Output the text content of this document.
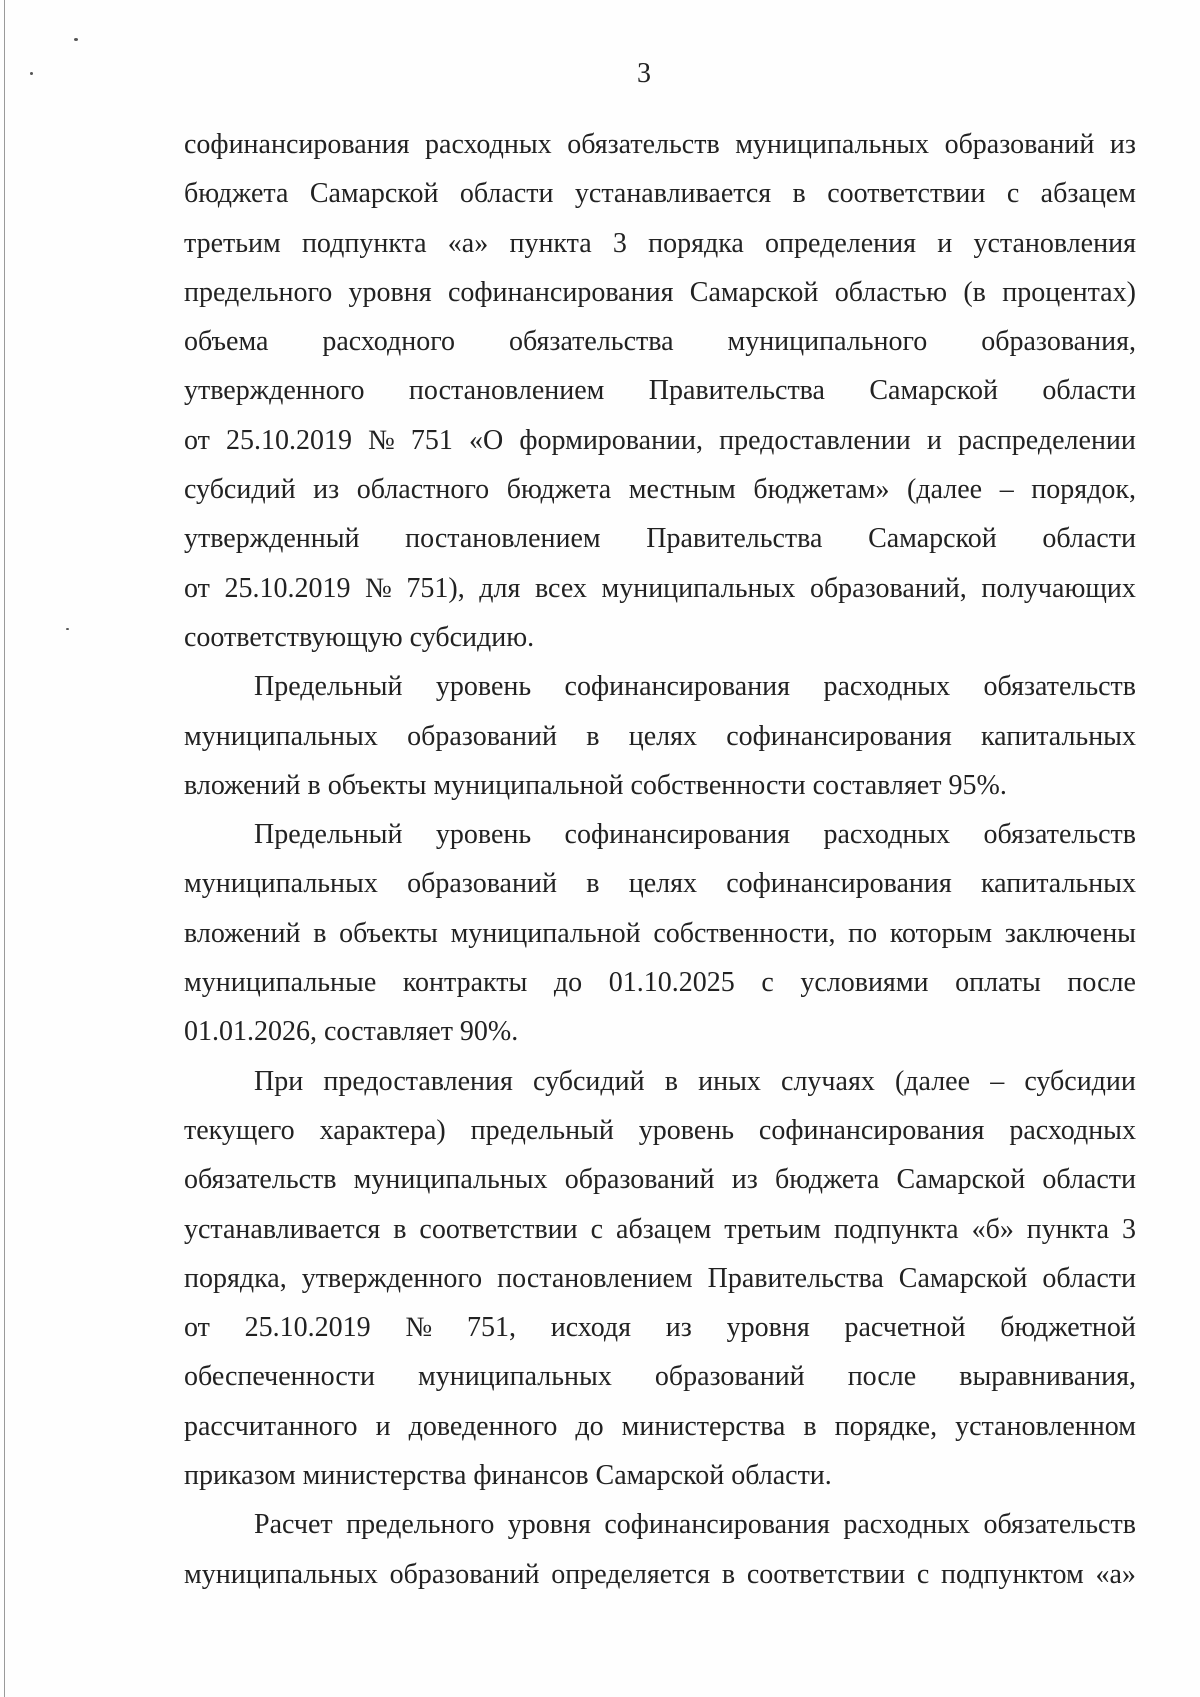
3
софинансирования расходных обязательств муниципальных образований из
бюджета Самарской области устанавливается в соответствии с абзацем
третьим подпункта «а» пункта 3 порядка определения и установления
предельного уровня софинансирования Самарской областью (в процентах)
объема расходного обязательства муниципального образования,
утвержденного постановлением Правительства Самарской области
от 25.10.2019 № 751 «О формировании, предоставлении и распределении
субсидий из областного бюджета местным бюджетам» (далее – порядок,
утвержденный постановлением Правительства Самарской области
от 25.10.2019 № 751), для всех муниципальных образований, получающих
соответствующую субсидию.
Предельный уровень софинансирования расходных обязательств
муниципальных образований в целях софинансирования капитальных
вложений в объекты муниципальной собственности составляет 95%.
Предельный уровень софинансирования расходных обязательств
муниципальных образований в целях софинансирования капитальных
вложений в объекты муниципальной собственности, по которым заключены
муниципальные контракты до 01.10.2025 с условиями оплаты после
01.01.2026, составляет 90%.
При предоставления субсидий в иных случаях (далее – субсидии
текущего характера) предельный уровень софинансирования расходных
обязательств муниципальных образований из бюджета Самарской области
устанавливается в соответствии с абзацем третьим подпункта «б» пункта 3
порядка, утвержденного постановлением Правительства Самарской области
от 25.10.2019 № 751, исходя из уровня расчетной бюджетной
обеспеченности муниципальных образований после выравнивания,
рассчитанного и доведенного до министерства в порядке, установленном
приказом министерства финансов Самарской области.
Расчет предельного уровня софинансирования расходных обязательств
муниципальных образований определяется в соответствии с подпунктом «а»
